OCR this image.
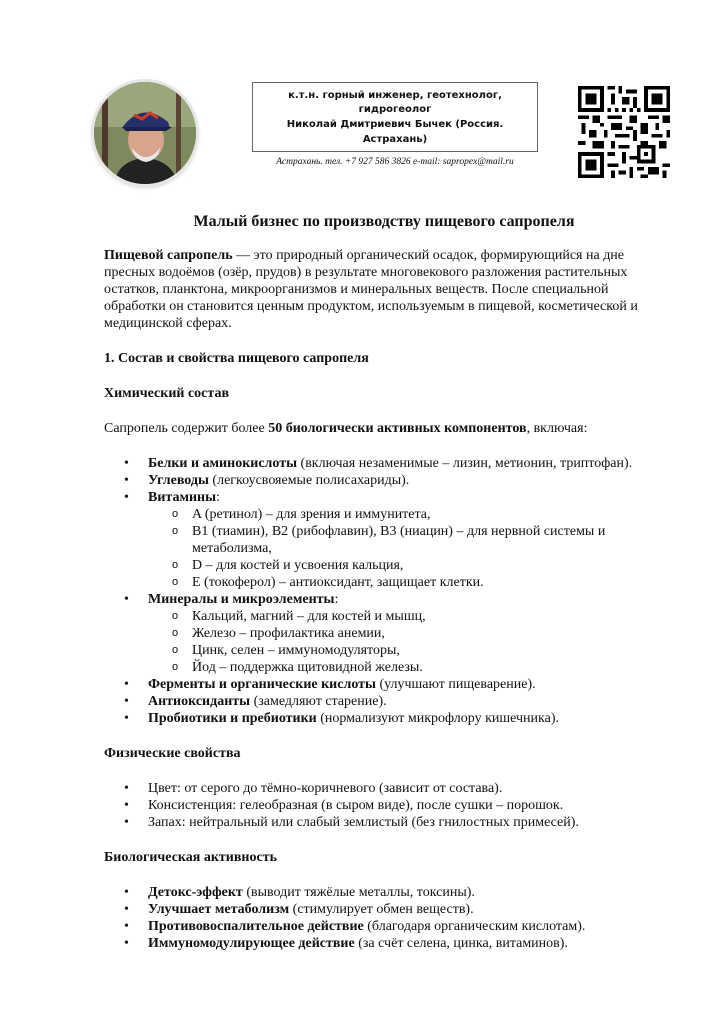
к.т.н. горный инженер, геотехнолог, гидрогеолог
Николай Дмитриевич Бычек (Россия. Астрахань)
Астрахань. тел. +7 927 586 3826 e-mail: sapropex@mail.ru
Малый бизнес по производству пищевого сапропеля

Пищевой сапропель — это природный органический осадок, формирующийся на дне пресных водоёмов (озёр, прудов) в результате многовекового разложения растительных остатков, планктона, микроорганизмов и минеральных веществ. После специальной обработки он становится ценным продуктом, используемым в пищевой, косметической и медицинской сферах.

1. Состав и свойства пищевого сапропеля
Химический состав

Сапропель содержит более 50 биологически активных компонентов, включая:

• Белки и аминокислоты (включая незаменимые – лизин, метионин, триптофан).
• Углеводы (легкоусвояемые полисахариды).
• Витамины:
o A (ретинол) – для зрения и иммунитета,
o B1 (тиамин), B2 (рибофлавин), B3 (ниацин) – для нервной системы и метаболизма,
o D – для костей и усвоения кальция,
o E (токоферол) – антиоксидант, защищает клетки.
• Минералы и микроэлементы:
o Кальций, магний – для костей и мышц,
o Железо – профилактика анемии,
o Цинк, селен – иммуномодуляторы,
o Йод – поддержка щитовидной железы.
• Ферменты и органические кислоты (улучшают пищеварение).
• Антиоксиданты (замедляют старение).
• Пробиотики и пребиотики (нормализуют микрофлору кишечника).
Физические свойства
• Цвет: от серого до тёмно-коричневого (зависит от состава).
• Консистенция: гелеобразная (в сыром виде), после сушки – порошок.
• Запах: нейтральный или слабый землистый (без гнилостных примесей).
Биологическая активность
• Детокс-эффект (выводит тяжёлые металлы, токсины).
• Улучшает метаболизм (стимулирует обмен веществ).
• Противовоспалительное действие (благодаря органическим кислотам).
• Иммуномодулирующее действие (за счёт селена, цинка, витаминов).
